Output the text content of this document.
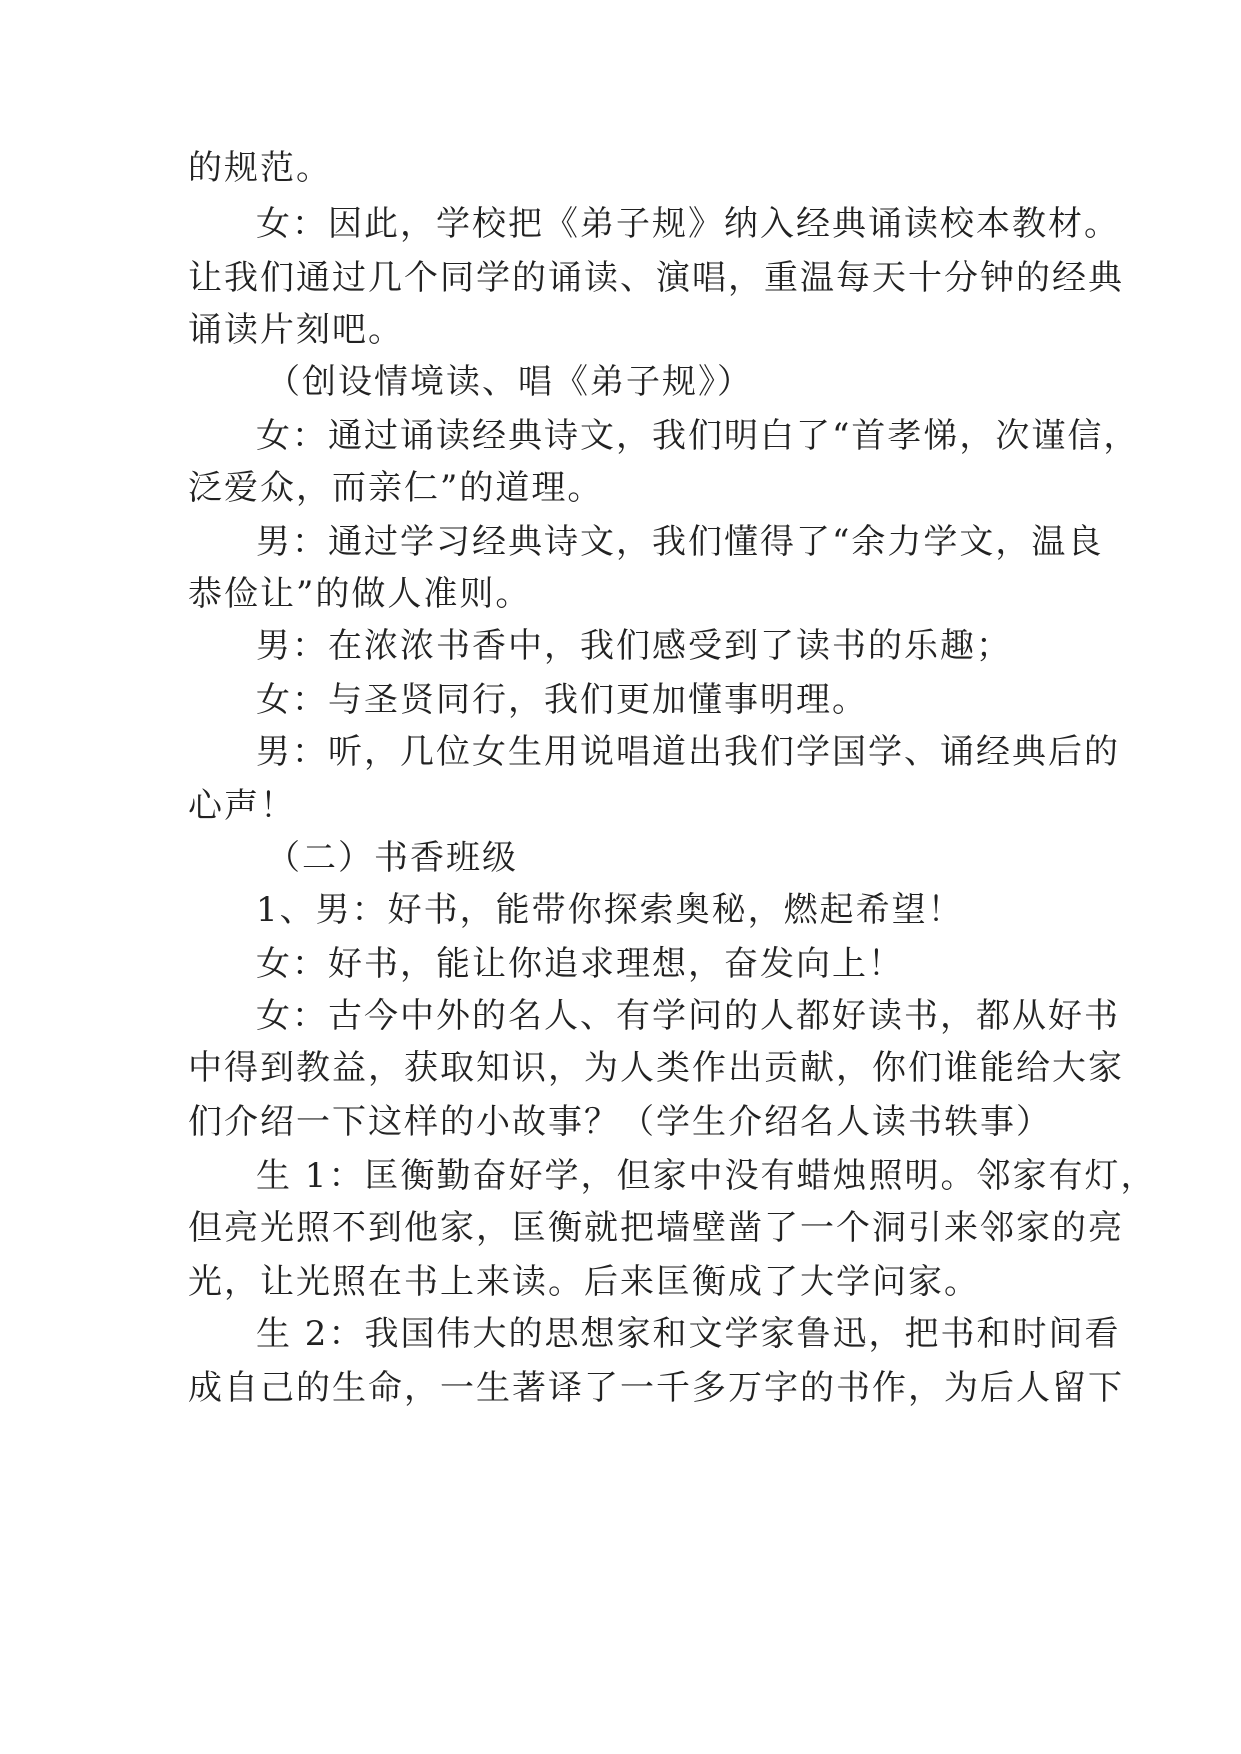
的规范。
女：因此，学校把《弟子规》纳入经典诵读校本教材。
让我们通过几个同学的诵读、演唱，重温每天十分钟的经典
诵读片刻吧。
（创设情境读、唱《弟子规》）
女：通过诵读经典诗文，我们明白了“首孝悌，次谨信，
泛爱众，而亲仁”的道理。
男：通过学习经典诗文，我们懂得了“余力学文，温良
恭俭让”的做人准则。
男：在浓浓书香中，我们感受到了读书的乐趣；
女：与圣贤同行，我们更加懂事明理。
男：听，几位女生用说唱道出我们学国学、诵经典后的
心声！
（二）书香班级
1、男：好书，能带你探索奥秘，燃起希望！
女：好书，能让你追求理想，奋发向上！
女：古今中外的名人、有学问的人都好读书，都从好书
中得到教益，获取知识，为人类作出贡献，你们谁能给大家
们介绍一下这样的小故事？（学生介绍名人读书轶事）
生 1：匡衡勤奋好学，但家中没有蜡烛照明。邻家有灯，
但亮光照不到他家，匡衡就把墙壁凿了一个洞引来邻家的亮
光，让光照在书上来读。后来匡衡成了大学问家。
生 2：我国伟大的思想家和文学家鲁迅，把书和时间看
成自己的生命，一生著译了一千多万字的书作，为后人留下
